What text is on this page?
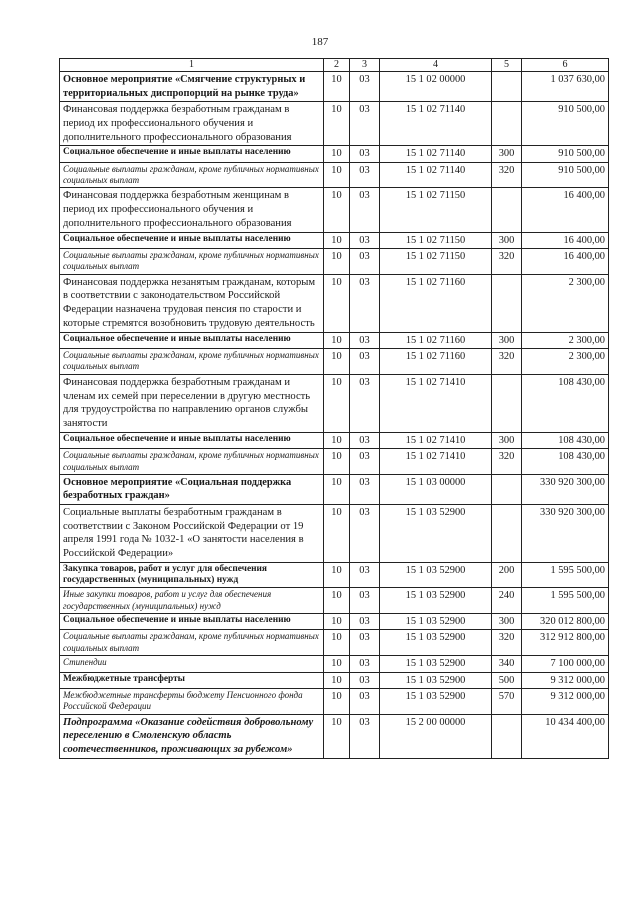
187
1	2	3	4	5	6
Основное мероприятие «Смягчение структурных и территориальных диспропорций на рынке труда»	10	03	15 1 02 00000		1 037 630,00
Финансовая поддержка безработным гражданам в период их профессионального обучения и дополнительного профессионального образования	10	03	15 1 02 71140		910 500,00
Социальное обеспечение и иные выплаты населению	10	03	15 1 02 71140	300	910 500,00
Социальные выплаты гражданам, кроме публичных нормативных социальных выплат	10	03	15 1 02 71140	320	910 500,00
Финансовая поддержка безработным женщинам в период их профессионального обучения и дополнительного профессионального образования	10	03	15 1 02 71150		16 400,00
Социальное обеспечение и иные выплаты населению	10	03	15 1 02 71150	300	16 400,00
Социальные выплаты гражданам, кроме публичных нормативных социальных выплат	10	03	15 1 02 71150	320	16 400,00
Финансовая поддержка незанятым гражданам, которым в соответствии с законодательством Российской Федерации назначена трудовая пенсия по старости и которые стремятся возобновить трудовую деятельность	10	03	15 1 02 71160		2 300,00
Социальное обеспечение и иные выплаты населению	10	03	15 1 02 71160	300	2 300,00
Социальные выплаты гражданам, кроме публичных нормативных социальных выплат	10	03	15 1 02 71160	320	2 300,00
Финансовая поддержка безработным гражданам и членам их семей при переселении в другую местность для трудоустройства по направлению органов службы занятости	10	03	15 1 02 71410		108 430,00
Социальное обеспечение и иные выплаты населению	10	03	15 1 02 71410	300	108 430,00
Социальные выплаты гражданам, кроме публичных нормативных социальных выплат	10	03	15 1 02 71410	320	108 430,00
Основное мероприятие «Социальная поддержка безработных граждан»	10	03	15 1 03 00000		330 920 300,00
Социальные выплаты безработным гражданам в соответствии с Законом Российской Федерации от 19 апреля 1991 года № 1032-1 «О занятости населения в Российской Федерации»	10	03	15 1 03 52900		330 920 300,00
Закупка товаров, работ и услуг для обеспечения государственных (муниципальных) нужд	10	03	15 1 03 52900	200	1 595 500,00
Иные закупки товаров, работ и услуг для обеспечения государственных (муниципальных) нужд	10	03	15 1 03 52900	240	1 595 500,00
Социальное обеспечение и иные выплаты населению	10	03	15 1 03 52900	300	320 012 800,00
Социальные выплаты гражданам, кроме публичных нормативных социальных выплат	10	03	15 1 03 52900	320	312 912 800,00
Стипендии	10	03	15 1 03 52900	340	7 100 000,00
Межбюджетные трансферты	10	03	15 1 03 52900	500	9 312 000,00
Межбюджетные трансферты бюджету Пенсионного фонда Российской Федерации	10	03	15 1 03 52900	570	9 312 000,00
Подпрограмма «Оказание содействия добровольному переселению в Смоленскую область соотечественников, проживающих за рубежом»	10	03	15 2 00 00000		10 434 400,00
